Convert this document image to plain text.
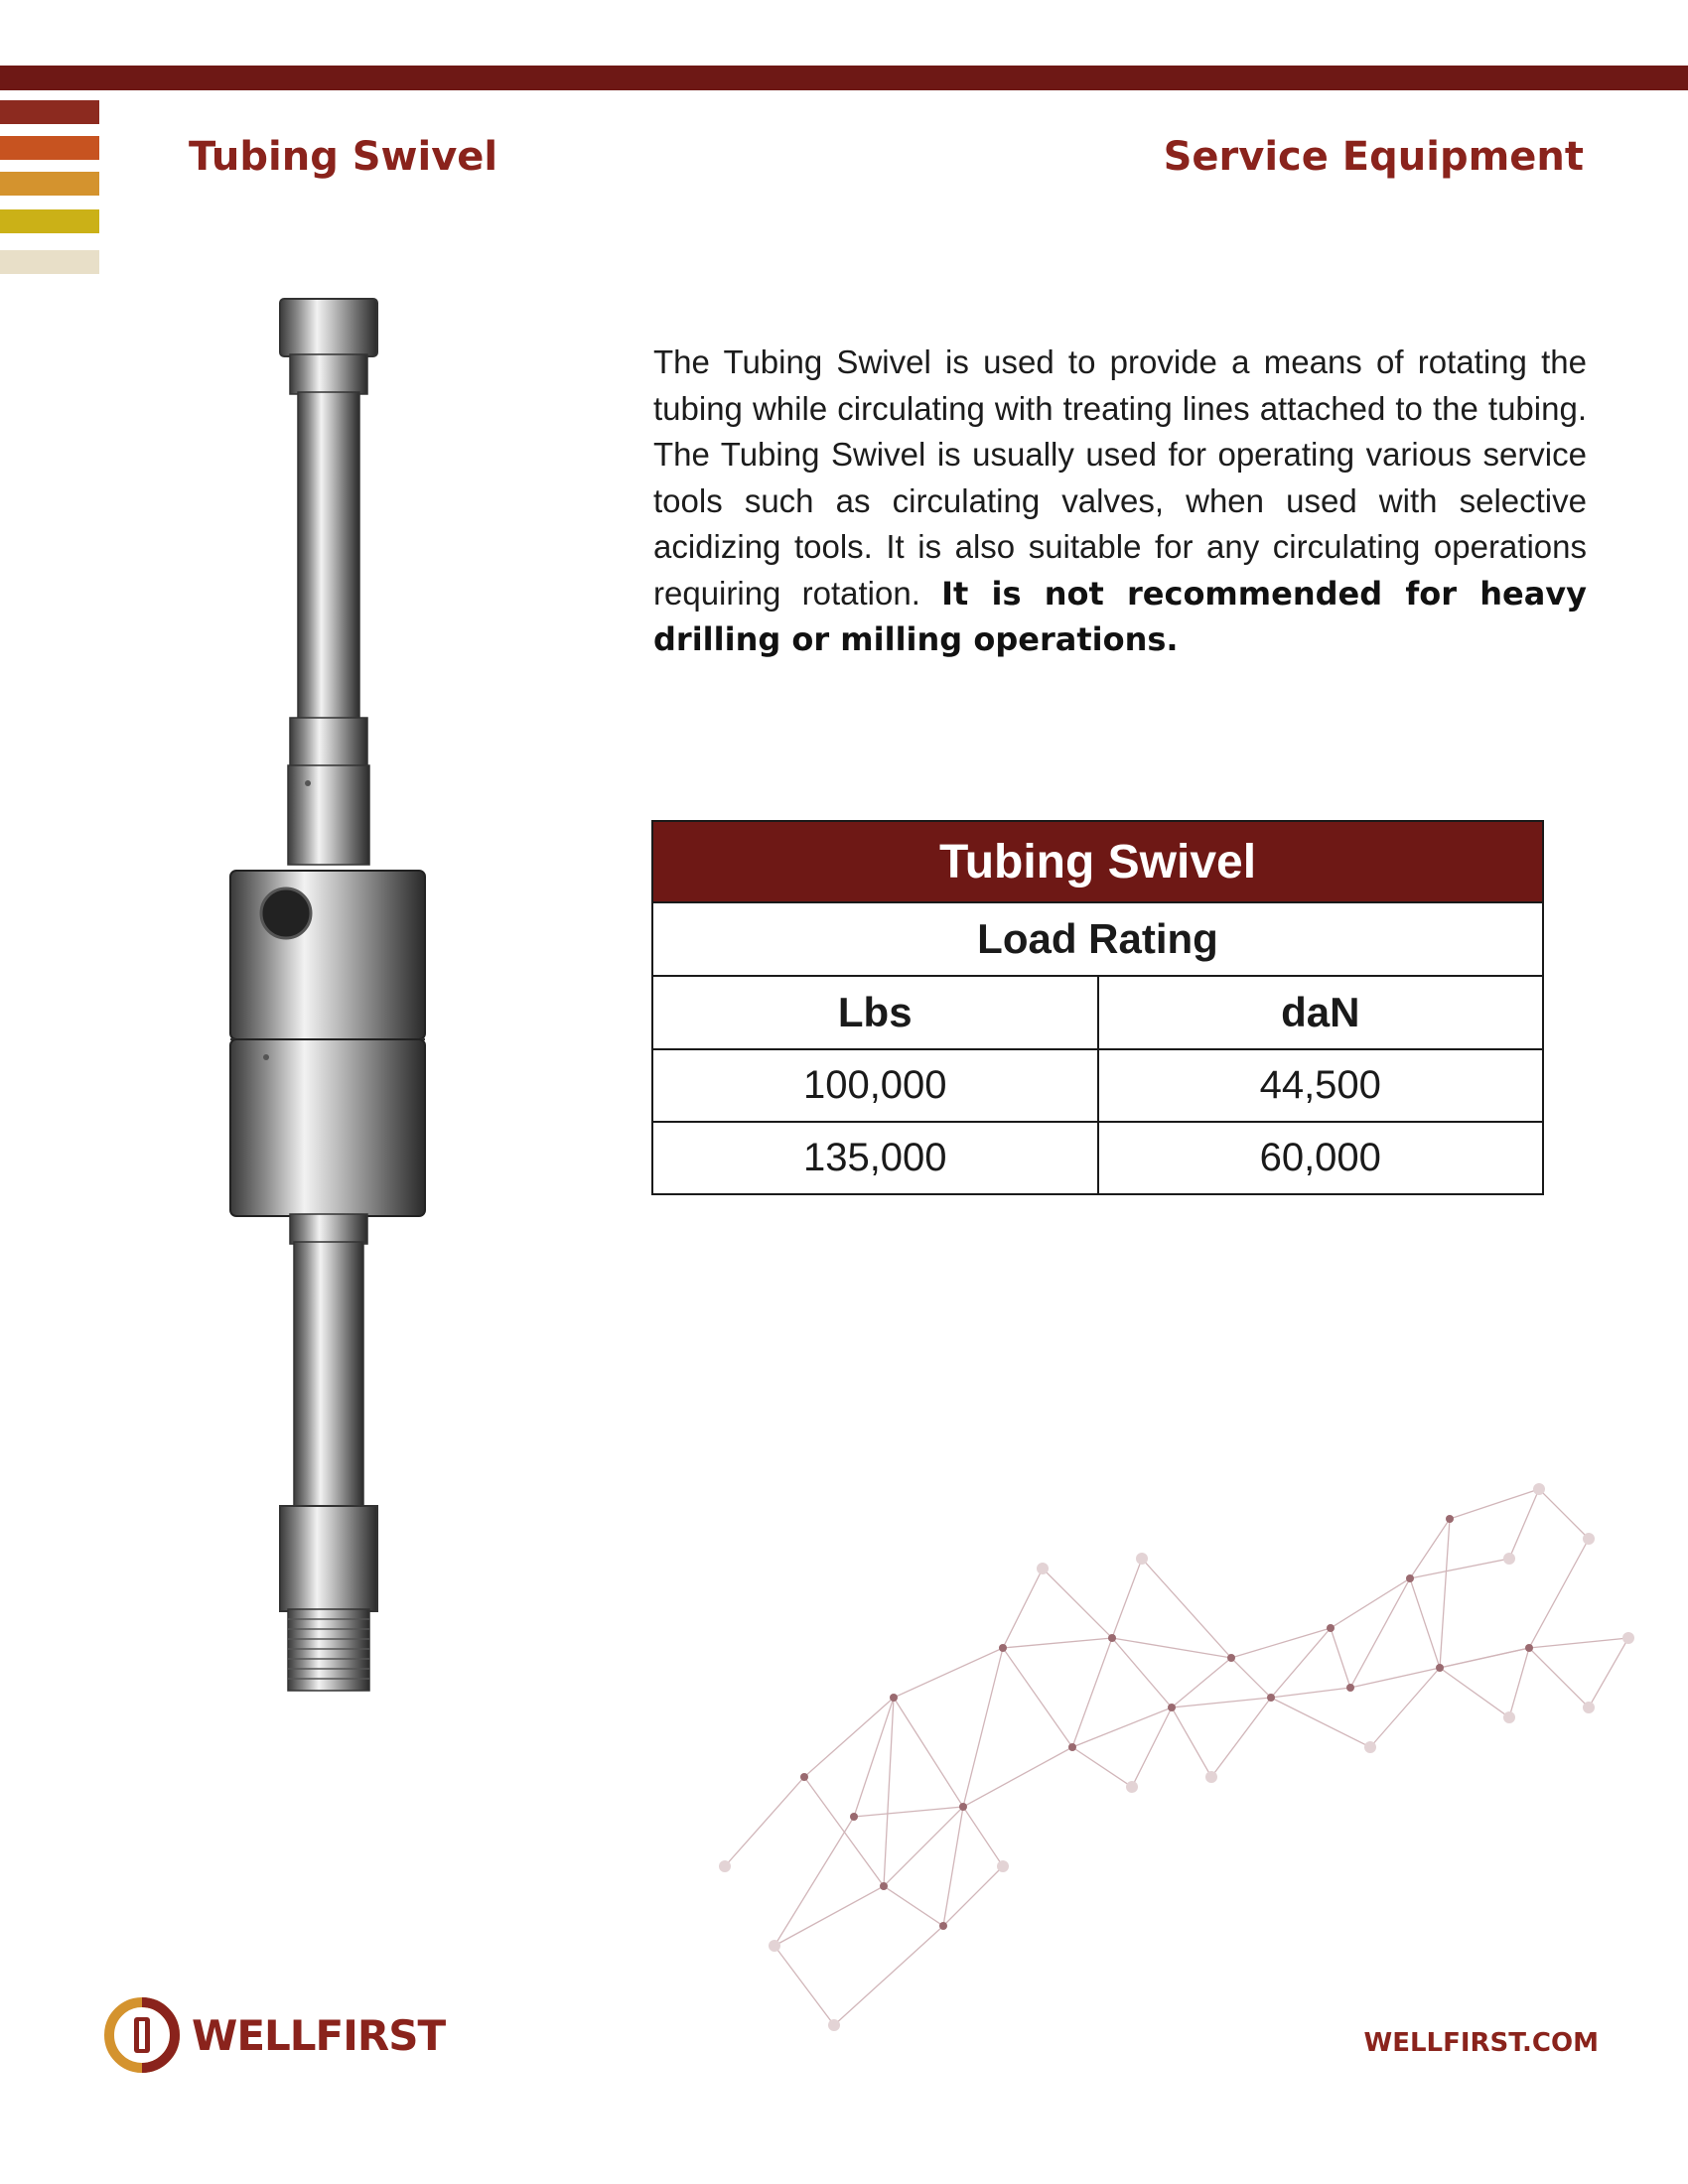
Tubing Swivel	Service Equipment
The Tubing Swivel is used to provide a means of rotating the tubing while circulating with treating lines attached to the tubing. The Tubing Swivel is usually used for operating various service tools such as circulating valves, when used with selective acidizing tools. It is also suitable for any circulating operations requiring rotation. It is not recommended for heavy drilling or milling operations.
Tubing Swivel	
Load Rating	
Lbs	daN
100,000	44,500
135,000	60,000
WELLFIRST	WELLFIRST.COM
